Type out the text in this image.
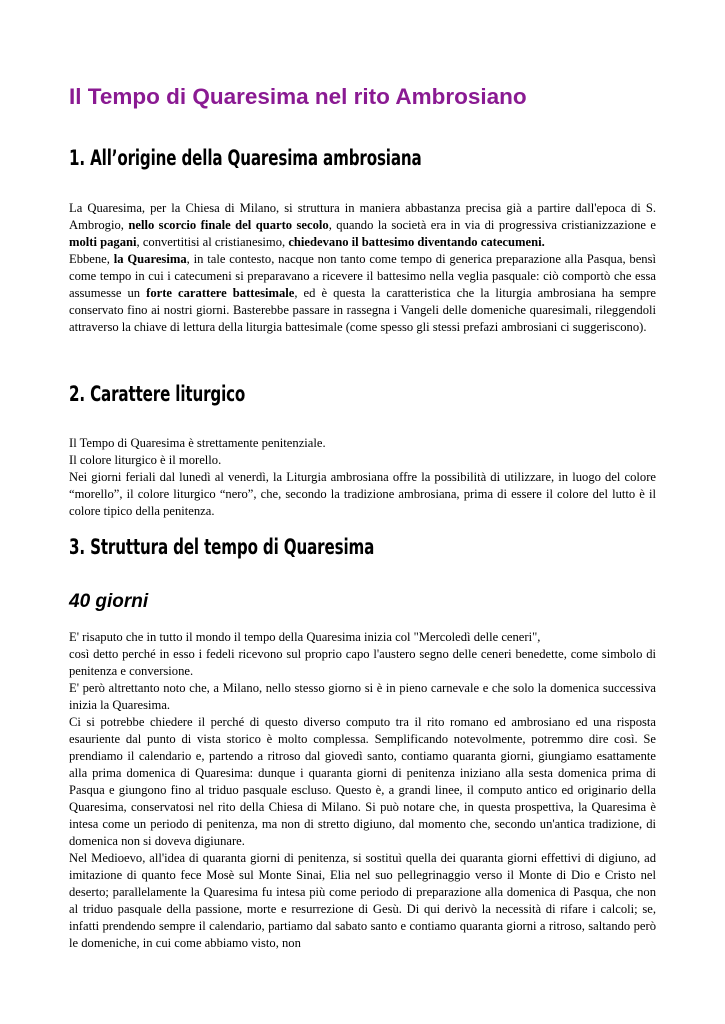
Il Tempo di Quaresima nel rito Ambrosiano
1. All’origine della Quaresima ambrosiana

La Quaresima, per la Chiesa di Milano, si struttura in maniera abbastanza precisa già a partire dall'epoca di S. Ambrogio, nello scorcio finale del quarto secolo, quando la società era in via di progressiva cristianizzazione e molti pagani, convertitisi al cristianesimo, chiedevano il battesimo diventando catecumeni.

Ebbene, la Quaresima, in tale contesto, nacque non tanto come tempo di generica preparazione alla Pasqua, bensì come tempo in cui i catecumeni si preparavano a ricevere il battesimo nella veglia pasquale: ciò comportò che essa assumesse un forte carattere battesimale, ed è questa la caratteristica che la liturgia ambrosiana ha sempre conservato fino ai nostri giorni. Basterebbe passare in rassegna i Vangeli delle domeniche quaresimali, rileggendoli attraverso la chiave di lettura della liturgia battesimale (come spesso gli stessi prefazi ambrosiani ci suggeriscono).

2. Carattere liturgico

Il Tempo di Quaresima è strettamente penitenziale.

Il colore liturgico è il morello.

Nei giorni feriali dal lunedì al venerdì, la Liturgia ambrosiana offre la possibilità di utilizzare, in luogo del colore “morello”, il colore liturgico “nero”, che, secondo la tradizione ambrosiana, prima di essere il colore del lutto è il colore tipico della penitenza.

3. Struttura del tempo di Quaresima
40 giorni

E' risaputo che in tutto il mondo il tempo della Quaresima inizia col "Mercoledì delle ceneri",

così detto perché in esso i fedeli ricevono sul proprio capo l'austero segno delle ceneri benedette, come simbolo di penitenza e conversione.

E' però altrettanto noto che, a Milano, nello stesso giorno si è in pieno carnevale e che solo la domenica successiva inizia la Quaresima.

Ci si potrebbe chiedere il perché di questo diverso computo tra il rito romano ed ambrosiano ed una risposta esauriente dal punto di vista storico è molto complessa. Semplificando notevolmente, potremmo dire così. Se prendiamo il calendario e, partendo a ritroso dal giovedì santo, contiamo quaranta giorni, giungiamo esattamente alla prima domenica di Quaresima: dunque i quaranta giorni di penitenza iniziano alla sesta domenica prima di Pasqua e giungono fino al triduo pasquale escluso. Questo è, a grandi linee, il computo antico ed originario della Quaresima, conservatosi nel rito della Chiesa di Milano. Si può notare che, in questa prospettiva, la Quaresima è intesa come un periodo di penitenza, ma non di stretto digiuno, dal momento che, secondo un'antica tradizione, di domenica non si doveva digiunare.

Nel Medioevo, all'idea di quaranta giorni di penitenza, si sostituì quella dei quaranta giorni effettivi di digiuno, ad imitazione di quanto fece Mosè sul Monte Sinai, Elia nel suo pellegrinaggio verso il Monte di Dio e Cristo nel deserto; parallelamente la Quaresima fu intesa più come periodo di preparazione alla domenica di Pasqua, che non al triduo pasquale della passione, morte e resurrezione di Gesù. Di qui derivò la necessità di rifare i calcoli; se, infatti prendendo sempre il calendario, partiamo dal sabato santo e contiamo quaranta giorni a ritroso, saltando però le domeniche, in cui come abbiamo visto, non
